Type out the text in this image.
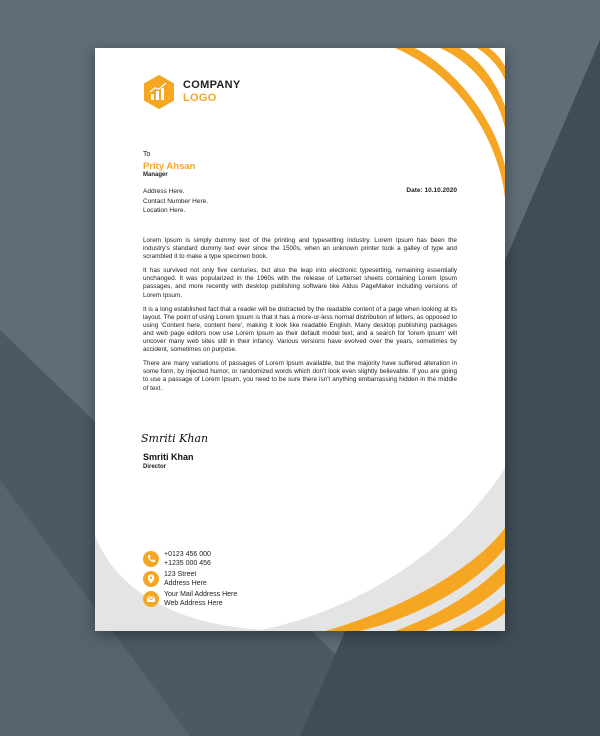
COMPANY
LOGO
To
Prity Ahsan
Manager
Address Here.
Contact Number Here.
Location Here.
Date: 10.10.2020

Lorem Ipsum is simply dummy text of the printing and typesetting industry. Lorem Ipsum has been the industry's standard dummy text ever since the 1500s, when an unknown printer took a galley of type and scrambled it to make a type specimen book.

It has survived not only five centuries, but also the leap into electronic typesetting, remaining essentially unchanged. It was popularized in the 1960s with the release of Letterset sheets containing Lorem Ipsum passages, and more recently with desktop publishing software like Aldus PageMaker including versions of Lorem Ipsum.

It is a long established fact that a reader will be distracted by the readable content of a page when looking at its layout. The point of using Lorem Ipsum is that it has a more-or-less normal distribution of letters, as opposed to using 'Content here, content here', making it look like readable English. Many desktop publishing packages and web page editors now use Lorem Ipsum as their default model text, and a search for 'lorem ipsum' will uncover many web sites still in their infancy. Various versions have evolved over the years, sometimes by accident, sometimes on purpose.

There are many variations of passages of Lorem Ipsum available, but the majority have suffered alteration in some form, by injected humor, or randomized words which don't look even slightly believable. If you are going to use a passage of Lorem Ipsum, you need to be sure there isn't anything embarrassing hidden in the middle of text.

Smriti Khan
Smriti Khan
Director
+0123 456 000
+1235 000 456
123 Street
Address Here
Your Mail Address Here
Web Address Here
